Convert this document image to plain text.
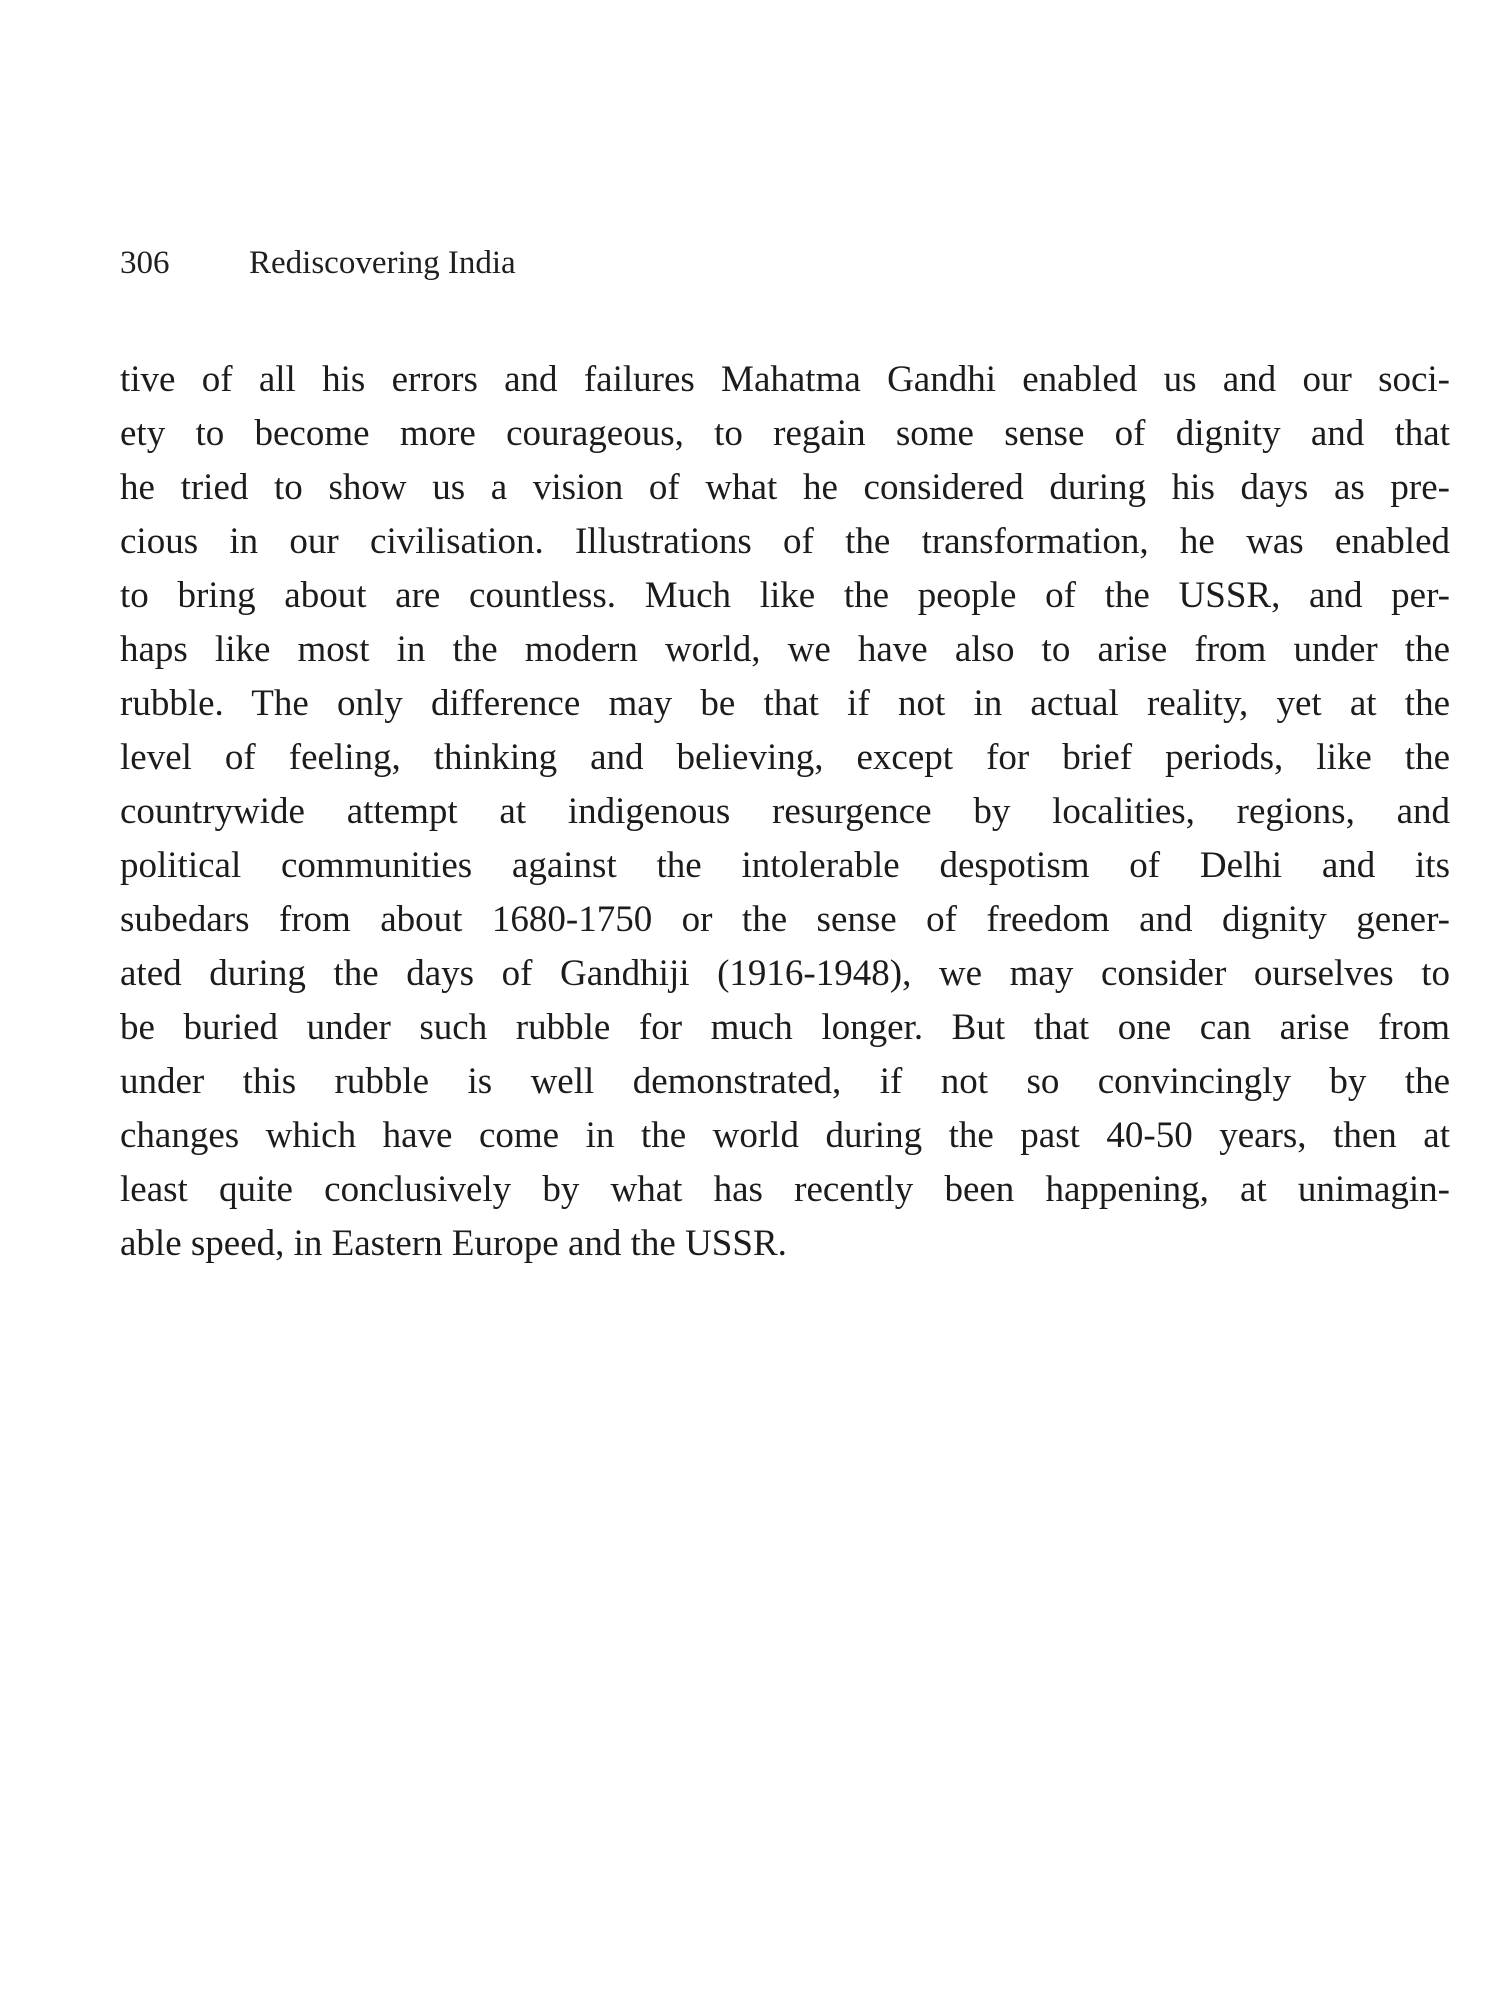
306 Rediscovering India
tive of all his errors and failures Mahatma Gandhi enabled us and our soci-
ety to become more courageous, to regain some sense of dignity and that
he tried to show us a vision of what he considered during his days as pre-
cious in our civilisation. Illustrations of the transformation, he was enabled
to bring about are countless. Much like the people of the USSR, and per-
haps like most in the modern world, we have also to arise from under the
rubble. The only difference may be that if not in actual reality, yet at the
level of feeling, thinking and believing, except for brief periods, like the
countrywide attempt at indigenous resurgence by localities, regions, and
political communities against the intolerable despotism of Delhi and its
subedars from about 1680-1750 or the sense of freedom and dignity gener-
ated during the days of Gandhiji (1916-1948), we may consider ourselves to
be buried under such rubble for much longer. But that one can arise from
under this rubble is well demonstrated, if not so convincingly by the
changes which have come in the world during the past 40-50 years, then at
least quite conclusively by what has recently been happening, at unimagin-
able speed, in Eastern Europe and the USSR.
